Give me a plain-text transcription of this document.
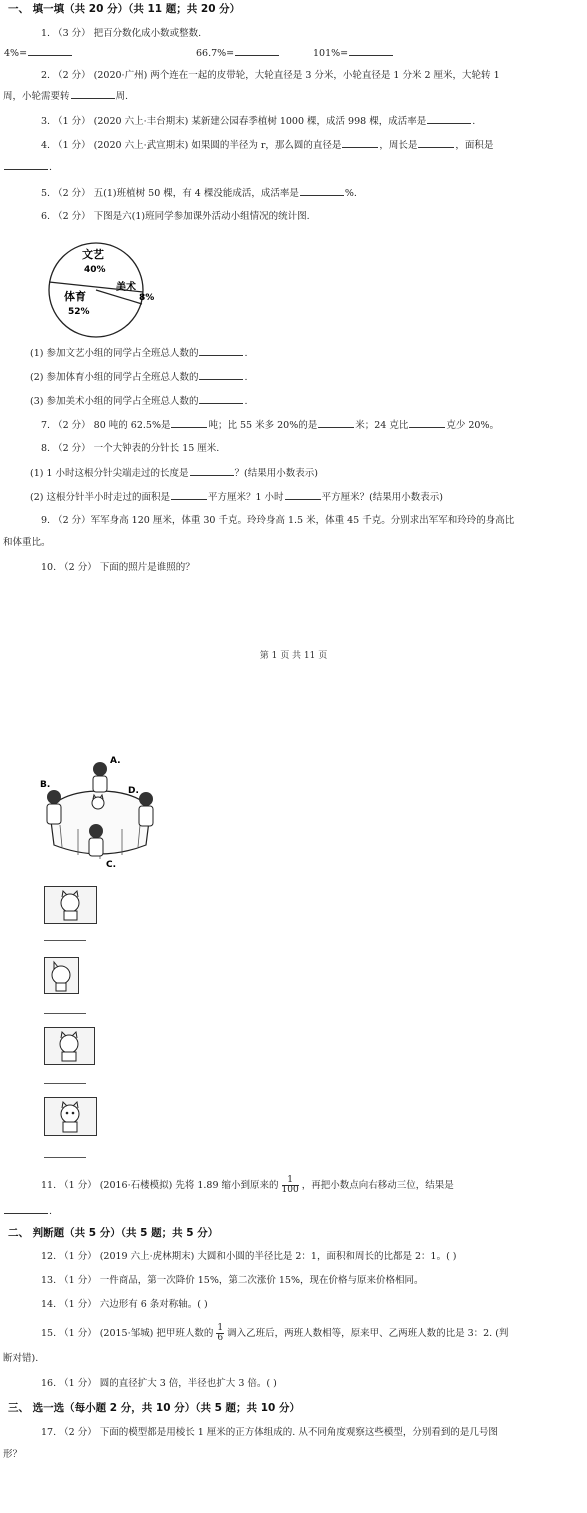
一、 填一填（共 20 分）（共 11 题；共 20 分）
1. （3 分） 把百分数化成小数或整数.
4%=	66.7%=	101%=
2. （2 分） (2020·广州) 两个连在一起的皮带轮，大轮直径是 3 分米，小轮直径是 1 分米 2 厘米，大轮转 1
周，小轮需要转	周.
3. （1 分） (2020 六上·丰台期末) 某新建公园春季植树 1000 棵，成活 998 棵，成活率是	.
4. （1 分） (2020 六上·武宣期末) 如果圆的半径为 r，那么圆的直径是	，周长是	，面积是
.
5. （2 分） 五(1)班植树 50 棵，有 4 棵没能成活，成活率是	%.
6. （2 分） 下图是六(1)班同学参加课外活动小组情况的统计图.
文艺
40%
美术
8%
体育
52%
(1) 参加文艺小组的同学占全班总人数的	.
(2) 参加体育小组的同学占全班总人数的	.
(3) 参加美术小组的同学占全班总人数的	.
7. （2 分） 80 吨的 62.5%是	吨；比 55 米多 20%的是	米；24 克比	克少 20%。
8. （2 分） 一个大钟表的分针长 15 厘米.
(1) 1 小时这根分针尖端走过的长度是	？(结果用小数表示)
(2) 这根分针半小时走过的面积是	平方厘米？1 小时	平方厘米？(结果用小数表示)
9. （2 分）军军身高 120 厘米，体重 30 千克。玲玲身高 1.5 米，体重 45 千克。分别求出军军和玲玲的身高比
和体重比。
10. （2 分） 下面的照片是谁照的？
第 1 页 共 11 页
A.
B.
C.
D.
11. （1 分） (2016·石楼模拟) 先将 1.89 缩小到原来的 $\frac{1}{100}$ ，再把小数点向右移动三位，结果是
.
二、 判断题（共 5 分）（共 5 题；共 5 分）
12. （1 分） (2019 六上·虎林期末) 大圆和小圆的半径比是 2：1，面积和周长的比都是 2：1。( )
13. （1 分） 一件商品，第一次降价 15%，第二次涨价 15%，现在价格与原来价格相同。
14. （1 分） 六边形有 6 条对称轴。( )
15. （1 分） (2015·邹城) 把甲班人数的 $\frac{1}{6}$ 调入乙班后，两班人数相等，原来甲、乙两班人数的比是 3：2. (判
断对错).
16. （1 分） 圆的直径扩大 3 倍，半径也扩大 3 倍。( )
三、 选一选（每小题 2 分，共 10 分）（共 5 题；共 10 分）
17. （2 分） 下面的模型都是用棱长 1 厘米的正方体组成的. 从不同角度观察这些模型，分别看到的是几号图
形？
